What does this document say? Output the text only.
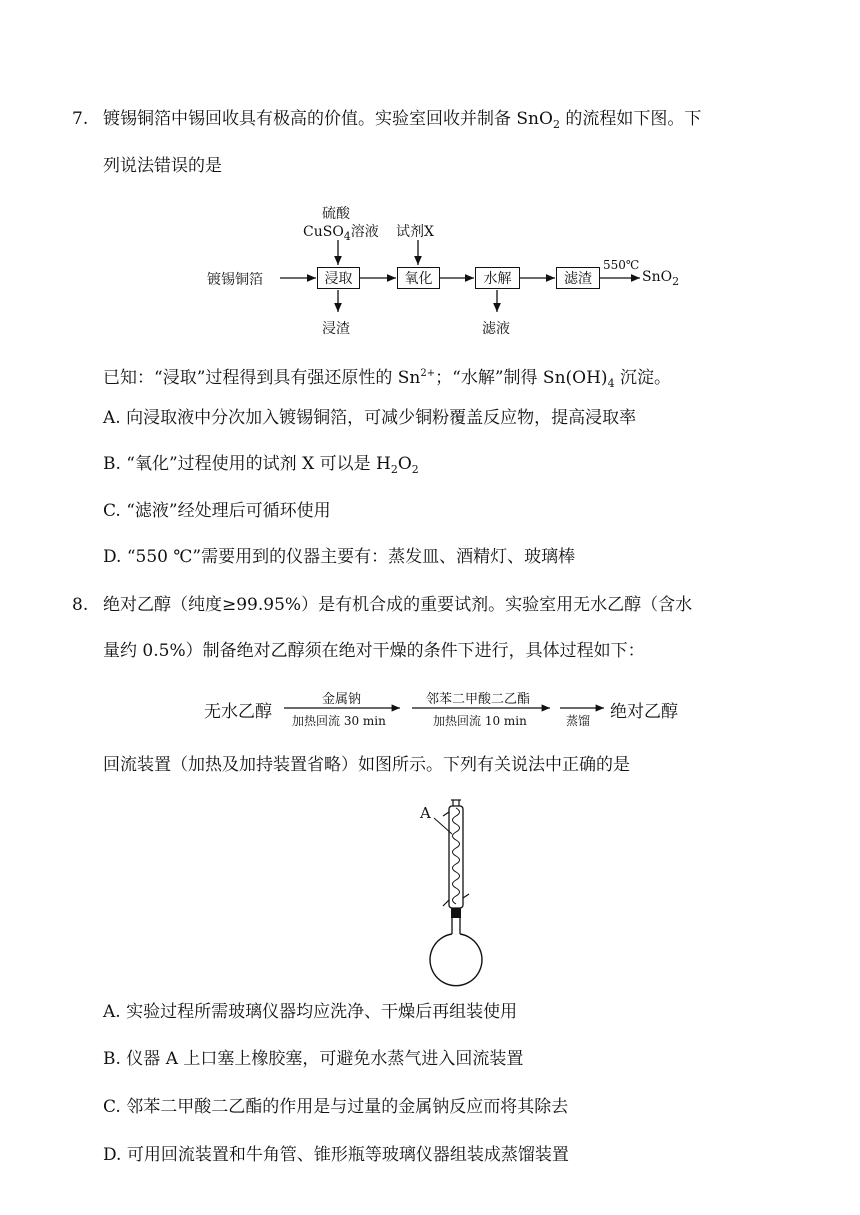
7. 镀锡铜箔中锡回收具有极高的价值。实验室回收并制备 SnO$_2$ 的流程如下图。下
列说法错误的是
镀锡铜箔	浸取	氧化	水解	滤渣
硫酸
CuSO$_4$溶液 试剂X
浸渣	滤液
550℃
SnO$_2$
已知：“浸取”过程得到具有强还原性的 $Sn^{2+}$；“水解”制得 $Sn(OH)_4$ 沉淀。
A. 向浸取液中分次加入镀锡铜箔，可减少铜粉覆盖反应物，提高浸取率
B. “氧化”过程使用的试剂 X 可以是 $H_2O_2$
C. “滤液”经处理后可循环使用
D. “550 ℃”需要用到的仪器主要有：蒸发皿、酒精灯、玻璃棒
8. 绝对乙醇（纯度≥99.95%）是有机合成的重要试剂。实验室用无水乙醇（含水
量约 0.5%）制备绝对乙醇须在绝对干燥的条件下进行，具体过程如下：
无水乙醇
金属钠
加热回流 30 min
邻苯二甲酸二乙酯
加热回流 10 min	蒸馏 绝对乙醇
回流装置（加热及加持装置省略）如图所示。下列有关说法中正确的是
A
A. 实验过程所需玻璃仪器均应洗净、干燥后再组装使用
B. 仪器 A 上口塞上橡胶塞，可避免水蒸气进入回流装置
C. 邻苯二甲酸二乙酯的作用是与过量的金属钠反应而将其除去
D. 可用回流装置和牛角管、锥形瓶等玻璃仪器组装成蒸馏装置
